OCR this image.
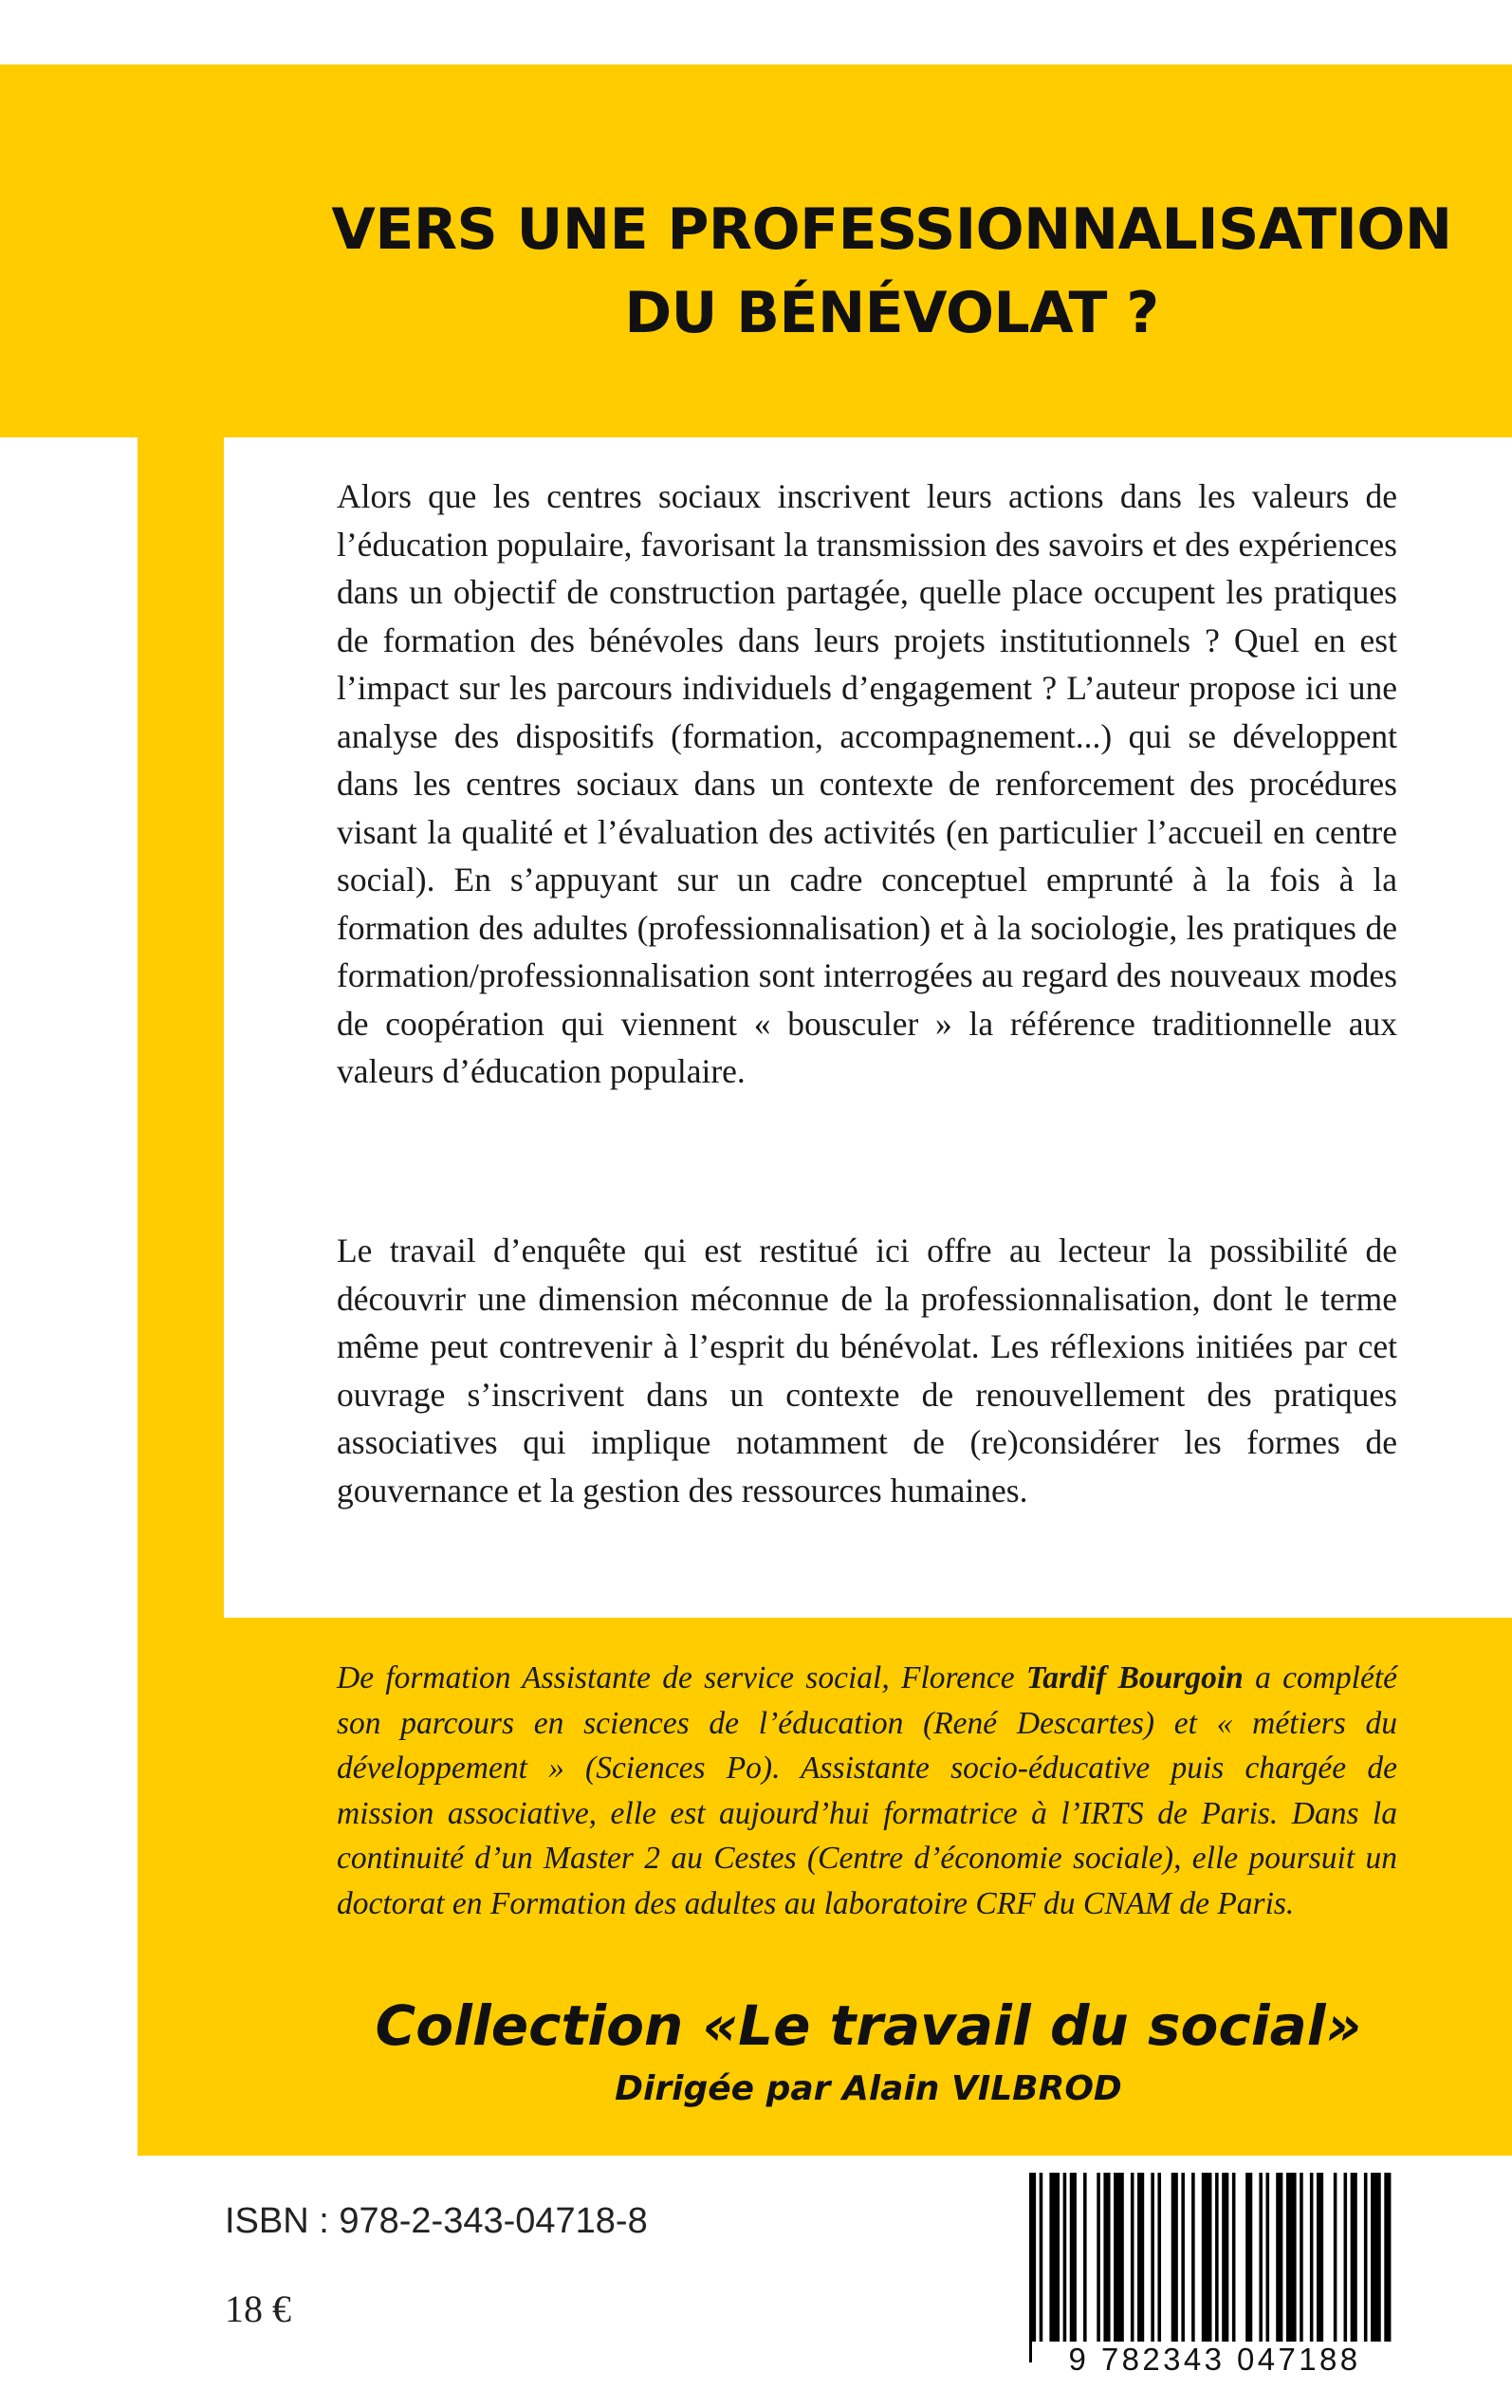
VERS UNE PROFESSIONNALISATION
DU BÉNÉVOLAT ?

Alors que les centres sociaux inscrivent leurs actions dans les valeurs de l’éducation populaire, favorisant la transmission des savoirs et des expériences dans un objectif de construction partagée, quelle place occupent les pratiques de formation des bénévoles dans leurs projets institutionnels ? Quel en est l’impact sur les parcours individuels d’engagement ? L’auteur propose ici une analyse des dispositifs (formation, accompagnement...) qui se développent dans les centres sociaux dans un contexte de renforcement des procédures visant la qualité et l’évaluation des activités (en particulier l’accueil en centre social). En s’appuyant sur un cadre conceptuel emprunté à la fois à la formation des adultes (professionnalisation) et à la sociologie, les pratiques de formation/professionnalisation sont interrogées au regard des nouveaux modes de coopération qui viennent « bousculer » la référence traditionnelle aux valeurs d’éducation populaire.

Le travail d’enquête qui est restitué ici offre au lecteur la possibilité de découvrir une dimension méconnue de la professionnalisation, dont le terme même peut contrevenir à l’esprit du bénévolat. Les réflexions initiées par cet ouvrage s’inscrivent dans un contexte de renouvellement des pratiques associatives qui implique notamment de (re)considérer les formes de gouvernance et la gestion des ressources humaines.

De formation Assistante de service social, Florence Tardif Bourgoin a complété son parcours en sciences de l’éducation (René Descartes) et « métiers du développement » (Sciences Po). Assistante socio-éducative puis chargée de mission associative, elle est aujourd’hui formatrice à l’IRTS de Paris. Dans la continuité d’un Master 2 au Cestes (Centre d’économie sociale), elle poursuit un doctorat en Formation des adultes au laboratoire CRF du CNAM de Paris.

Collection «Le travail du social»
Dirigée par Alain VILBROD
ISBN : 978-2-343-04718-8
18 €
9 782343 047188
